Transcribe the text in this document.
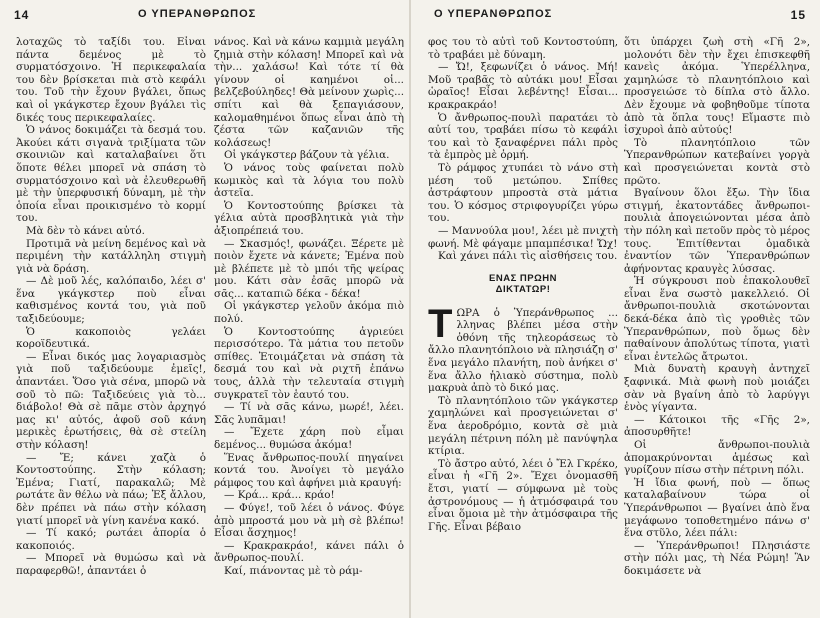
14	Ο ΥΠΕΡΑΝΘΡΩΠΟΣ

λοταχῶς τὸ ταξίδι του. Εἶναι πάντα δεμένος μὲ τὸ συρματόσχοινο. Ἡ περικεφαλαία του δὲν βρίσκεται πιὰ στὸ κεφάλι του. Τοῦ τὴν ἔχουν βγάλει, ὅπως καὶ οἱ γκάγκστερ ἔχουν βγάλει τὶς δικές τους περικεφαλαίες.

Ὁ νάνος δοκιμάζει τὰ δεσμά του. Ἀκούει κάτι σιγανὰ τριξίματα τῶν σκοινιῶν καὶ καταλαβαίνει ὅτι ὅποτε θέλει μπορεῖ νὰ σπάση τὸ συρματόσχοινο καὶ νὰ ἐλευθερωθῆ μὲ τὴν ὑπερφυσική δύναμη, μὲ τὴν ὁποία εἶναι προικισμένο τὸ κορμί του.

Μὰ δὲν τὸ κάνει αὐτό.

Προτιμᾶ νὰ μείνη δεμένος καὶ νὰ περιμένη τὴν κατάλληλη στιγμὴ γιὰ νὰ δράση.

— Δὲ μοῦ λές, καλόπαιδο, λέει σ' ἕνα γκάγκστερ ποὺ εἶναι καθισμένος κοντά του, γιὰ ποῦ ταξιδεύουμε;

Ὁ κακοποιὸς γελάει κοροϊδευτικά.

— Εἶναι δικός μας λογαριασμὸς γιὰ ποῦ ταξιδεύουμε ἐμεῖς!, ἀπαντάει. Ὅσο γιὰ σένα, μπορῶ νὰ σοῦ τὸ πῶ: Ταξιδεύεις γιὰ τὸ... διάβολο! Θὰ σὲ πᾶμε στὸν ἀρχηγό μας κι' αὐτός, ἀφοῦ σοῦ κάνη μερικὲς ἐρωτήσεις, θὰ σὲ στείλη στὴν κόλαση!

— Ἔ; κάνει χαζὰ ὁ Κοντοστούπης. Στὴν κόλαση; Ἐμένα; Γιατί, παρακαλῶ; Μὲ ρωτάτε ἂν θέλω νὰ πάω; Ἐξ ἄλλου, δὲν πρέπει νὰ πάω στὴν κόλαση γιατί μπορεῖ νὰ γίνη κανένα κακό.

— Τί κακό; ρωτάει ἀπορία ὁ κακοποιός.

— Μπορεῖ νὰ θυμώσω καὶ νὰ παραφερθῶ!, ἀπαντάει ὁ

νάνος. Καὶ νὰ κάνω καμμιὰ μεγάλη ζημιὰ στὴν κόλαση! Μπορεῖ καὶ νὰ τὴν... χαλάσω! Καὶ τότε τί θὰ γίνουν οἱ καημένοι οἱ... βελζεβούληδες! Θὰ μείνουν χωρὶς... σπίτι καὶ θὰ ξεπαγιάσουν, καλομαθημένοι ὅπως εἶναι ἀπὸ τὴ ζέστα τῶν καζανιῶν τῆς κολάσεως!

Οἱ γκάγκστερ βάζουν τὰ γέλια.

Ὁ νάνος τοὺς φαίνεται πολὺ κωμικὸς καὶ τὰ λόγια του πολὺ ἀστεῖα.

Ὁ Κοντοστούπης βρίσκει τὰ γέλια αὐτὰ προσβλητικὰ γιὰ τὴν ἀξιοπρέπειά του.

— Σκασμός!, φωνάζει. Ξέρετε μὲ ποιὸν ἔχετε νὰ κάνετε; Ἐμένα ποὺ μὲ βλέπετε μὲ τὸ μπόι τῆς ψείρας μου. Κάτι σὰν ἐσᾶς μπορῶ νὰ σᾶς... καταπιῶ δέκα - δέκα!

Οἱ γκάγκστερ γελοῦν ἀκόμα πιὸ πολύ.

Ὁ Κοντοστούπης ἀγριεύει περισσότερο. Τὰ μάτια του πετοῦν σπίθες. Ἑτοιμάζεται νὰ σπάση τὰ δεσμά του καὶ νὰ ριχτῆ ἐπάνω τους, ἀλλὰ τὴν τελευταία στιγμὴ συγκρατεῖ τὸν ἑαυτό του.

— Τί νὰ σᾶς κάνω, μωρέ!, λέει. Σᾶς λυπᾶμαι!

— Ἔχετε χάρη ποὺ εἶμαι δεμένος... θυμώσα ἀκόμα!

Ἕνας ἄνθρωπος-πουλί πηγαίνει κοντά του. Ἀνοίγει τὸ μεγάλο ράμφος του καὶ ἀφήνει μιὰ κραυγή:

— Κρά... κρά... κράο!

— Φύγε!, τοῦ λέει ὁ νάνος. Φύγε ἀπὸ μπροστά μου νὰ μὴ σὲ βλέπω! Εἶσαι ἄσχημος!

— Κρακρακράο!, κάνει πάλι ὁ ἄνθρωπος-πουλί.

Καί, πιάνοντας μὲ τὸ ράμ-

Ο ΥΠΕΡΑΝΘΡΩΠΟΣ	15

φος του τὸ αὐτὶ τοῦ Κοντοστούπη, τὸ τραβάει μὲ δύναμη.

— Ὤ!, ξεφωνίζει ὁ νάνος. Μή! Μοῦ τραβᾶς τὸ αὐτάκι μου! Εἶσαι ὡραῖος! Εἶσαι λεβέντης! Εἶσαι... κρακρακράο!

Ὁ ἄνθρωπος-πουλὶ παρατάει τὸ αὐτί του, τραβάει πίσω τὸ κεφάλι του καὶ τὸ ξαναφέρνει πάλι πρὸς τὰ ἐμπρὸς μὲ ὁρμή.

Τὸ ράμφος χτυπάει τὸ νάνο στὴ μέση τοῦ μετώπου. Σπίθες ἀστράφτουν μπροστὰ στὰ μάτια του. Ὁ κόσμος στριφογυρίζει γύρω του.

— Μαννούλα μου!, λέει μὲ πνιχτὴ φωνή. Μὲ φάγαμε μπαμπέσικα! Ὤχ!

Καὶ χάνει πάλι τὶς αἰσθήσεις του.

ΕΝΑΣ ΠΡΩΗΝ
ΔΙΚΤΑΤΩΡ!
Τ ΩΡΑ ὁ Ὑπεράνθρωπος ... λληνας βλέπει μέσα στὴν ὀθόνη τῆς τηλεοράσεως τὸ ἄλλο πλανητόπλοιο νὰ πλησιάζη σ' ἕνα μεγάλο πλανήτη, ποὺ ἀνήκει σ' ἕνα ἄλλο ἡλιακὸ σύστημα, πολὺ μακρυὰ ἀπὸ τὸ δικό μας.

Τὸ πλανητόπλοιο τῶν γκάγκστερ χαμηλώνει καὶ προσγειώνεται σ' ἕνα ἀεροδρόμιο, κοντὰ σὲ μιὰ μεγάλη πέτρινη πόλη μὲ πανύψηλα κτίρια.

Τὸ ἄστρο αὐτό, λέει ὁ Ἔλ Γκρέκο, εἶναι ἡ «Γῆ 2». Ἔχει ὀνομασθῆ ἔτσι, γιατί — σύμφωνα μὲ τοὺς ἀστρονόμους — ἡ ἀτμόσφαιρά του εἶναι ὅμοια μὲ τὴν ἀτμόσφαιρα τῆς Γῆς. Εἶναι βέβαιο

ὅτι ὑπάρχει ζωὴ στὴ «Γῆ 2», μολονότι δὲν τὴν ἔχει ἐπισκεφθῆ κανεὶς ἀκόμα. Ὑπερέλληνα, χαμηλώσε τὸ πλανητόπλοιο καὶ προσγειώσε τὸ δίπλα στὸ ἄλλο. Δὲν ἔχουμε νὰ φοβηθοῦμε τίποτα ἀπὸ τὰ ὅπλα τους! Εἴμαστε πιὸ ἰσχυροὶ ἀπὸ αὐτούς!

Τὸ πλανητόπλοιο τῶν Ὑπερανθρώπων κατεβαίνει γοργὰ καὶ προσγειώνεται κοντὰ στὸ πρῶτο.

Βγαίνουν ὅλοι ἔξω. Τὴν ἴδια στιγμή, ἑκατοντάδες ἄνθρωποι-πουλιὰ ἀπογειώνονται μέσα ἀπὸ τὴν πόλη καὶ πετοῦν πρὸς τὸ μέρος τους. Ἐπιτίθενται ὁμαδικὰ ἐναντίον τῶν Ὑπερανθρώπων ἀφήνοντας κραυγὲς λύσσας.

Ἡ σύγκρουσι ποὺ ἐπακολουθεῖ εἶναι ἕνα σωστὸ μακελλειό. Οἱ ἄνθρωποι-πουλιὰ σκοτώνονται δεκά-δέκα ἀπὸ τὶς γροθιὲς τῶν Ὑπερανθρώπων, ποὺ ὅμως δὲν παθαίνουν ἀπολύτως τίποτα, γιατὶ εἶναι ἐντελῶς ἄτρωτοι.

Μιὰ δυνατὴ κραυγὴ ἀντηχεῖ ξαφνικά. Μιὰ φωνὴ ποὺ μοιάζει σὰν νὰ βγαίνη ἀπὸ τὸ λαρύγγι ἑνὸς γίγαντα.

— Κάτοικοι τῆς «Γῆς 2», ἀποσυρθῆτε!

Οἱ ἄνθρωποι-πουλιὰ ἀπομακρύνονται ἀμέσως καὶ γυρίζουν πίσω στὴν πέτρινη πόλι.

Ἡ ἴδια φωνή, ποὺ — ὅπως καταλαβαίνουν τώρα οἱ Ὑπεράνθρωποι — βγαίνει ἀπὸ ἕνα μεγάφωνο τοποθετημένο πάνω σ' ἕνα στῦλο, λέει πάλι:

— Ὑπεράνθρωποι! Πλησιάστε στὴν πόλι μας, τὴ Νέα Ρώμη! Ἂν δοκιμάσετε νὰ
